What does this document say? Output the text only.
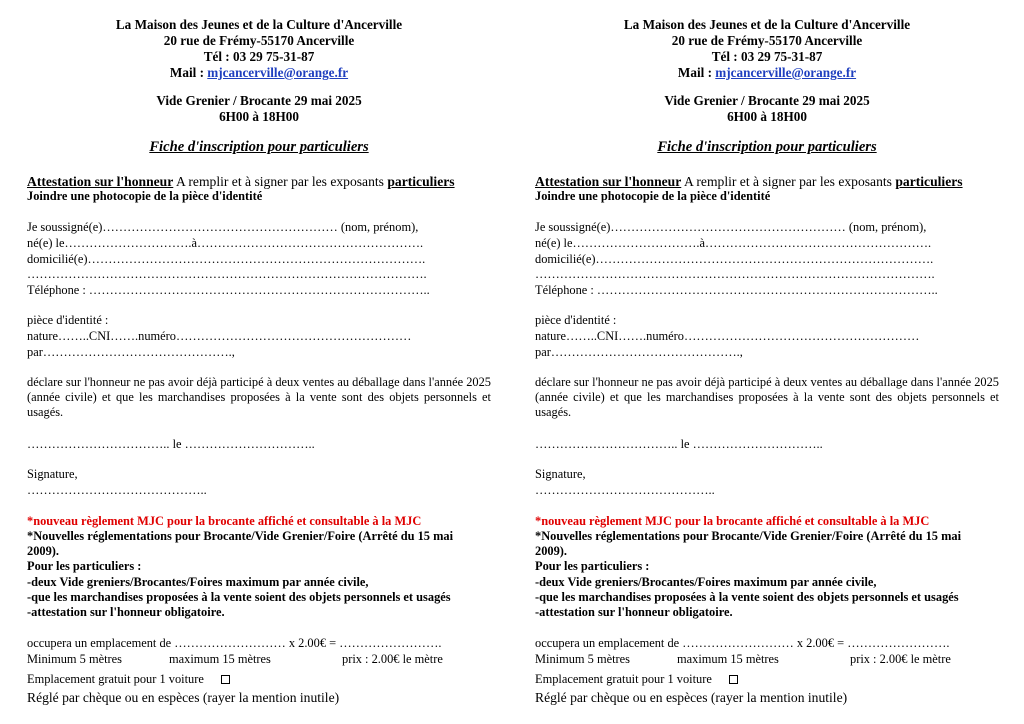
La Maison des Jeunes et de la Culture d'Ancerville
20 rue de Frémy-55170 Ancerville
Tél : 03 29 75-31-87
Mail : mjcancerville@orange.fr
Vide Grenier / Brocante 29 mai 2025
6H00 à 18H00
Fiche d'inscription pour particuliers
Attestation sur l'honneur A remplir et à signer par les exposants particuliers
Joindre une photocopie de la pièce d'identité
Je soussigné(e)………………………………………………… (nom, prénom),
né(e) le………………………….à……………………………………………….
domicilié(e)……………………………………………………………………….
…………………………………………………………………………………….
Téléphone : ………………………………………………………………………..
pièce d'identité :
nature……..CNI…….numéro…………………………………………………
par……………………………………….,
déclare sur l'honneur ne pas avoir déjà participé à deux ventes au déballage dans l'année 2025 (année civile) et que les marchandises proposées à la vente sont des objets personnels et usagés.
…………………………….. le …………………………..
Signature,
……………………………………..
*nouveau règlement MJC pour la brocante affiché et consultable à la MJC
*Nouvelles réglementations pour Brocante/Vide Grenier/Foire (Arrêté du 15 mai
2009).
Pour les particuliers :
-deux Vide greniers/Brocantes/Foires maximum par année civile,
-que les marchandises proposées à la vente soient des objets personnels et usagés
-attestation sur l'honneur obligatoire.
occupera un emplacement de ……………………… x 2.00€ = …………………….
Minimum 5 mètres	maximum 15 mètres	prix : 2.00€ le mètre
Emplacement gratuit pour 1 voiture
Réglé par chèque ou en espèces (rayer la mention inutile)
La Maison des Jeunes et de la Culture d'Ancerville
20 rue de Frémy-55170 Ancerville
Tél : 03 29 75-31-87
Mail : mjcancerville@orange.fr
Vide Grenier / Brocante 29 mai 2025
6H00 à 18H00
Fiche d'inscription pour particuliers
Attestation sur l'honneur A remplir et à signer par les exposants particuliers
Joindre une photocopie de la pièce d'identité
Je soussigné(e)………………………………………………… (nom, prénom),
né(e) le………………………….à……………………………………………….
domicilié(e)……………………………………………………………………….
…………………………………………………………………………………….
Téléphone : ………………………………………………………………………..
pièce d'identité :
nature……..CNI…….numéro…………………………………………………
par……………………………………….,
déclare sur l'honneur ne pas avoir déjà participé à deux ventes au déballage dans l'année 2025 (année civile) et que les marchandises proposées à la vente sont des objets personnels et usagés.
…………………………….. le …………………………..
Signature,
……………………………………..
*nouveau règlement MJC pour la brocante affiché et consultable à la MJC
*Nouvelles réglementations pour Brocante/Vide Grenier/Foire (Arrêté du 15 mai
2009).
Pour les particuliers :
-deux Vide greniers/Brocantes/Foires maximum par année civile,
-que les marchandises proposées à la vente soient des objets personnels et usagés
-attestation sur l'honneur obligatoire.
occupera un emplacement de ……………………… x 2.00€ = …………………….
Minimum 5 mètres	maximum 15 mètres	prix : 2.00€ le mètre
Emplacement gratuit pour 1 voiture
Réglé par chèque ou en espèces (rayer la mention inutile)
